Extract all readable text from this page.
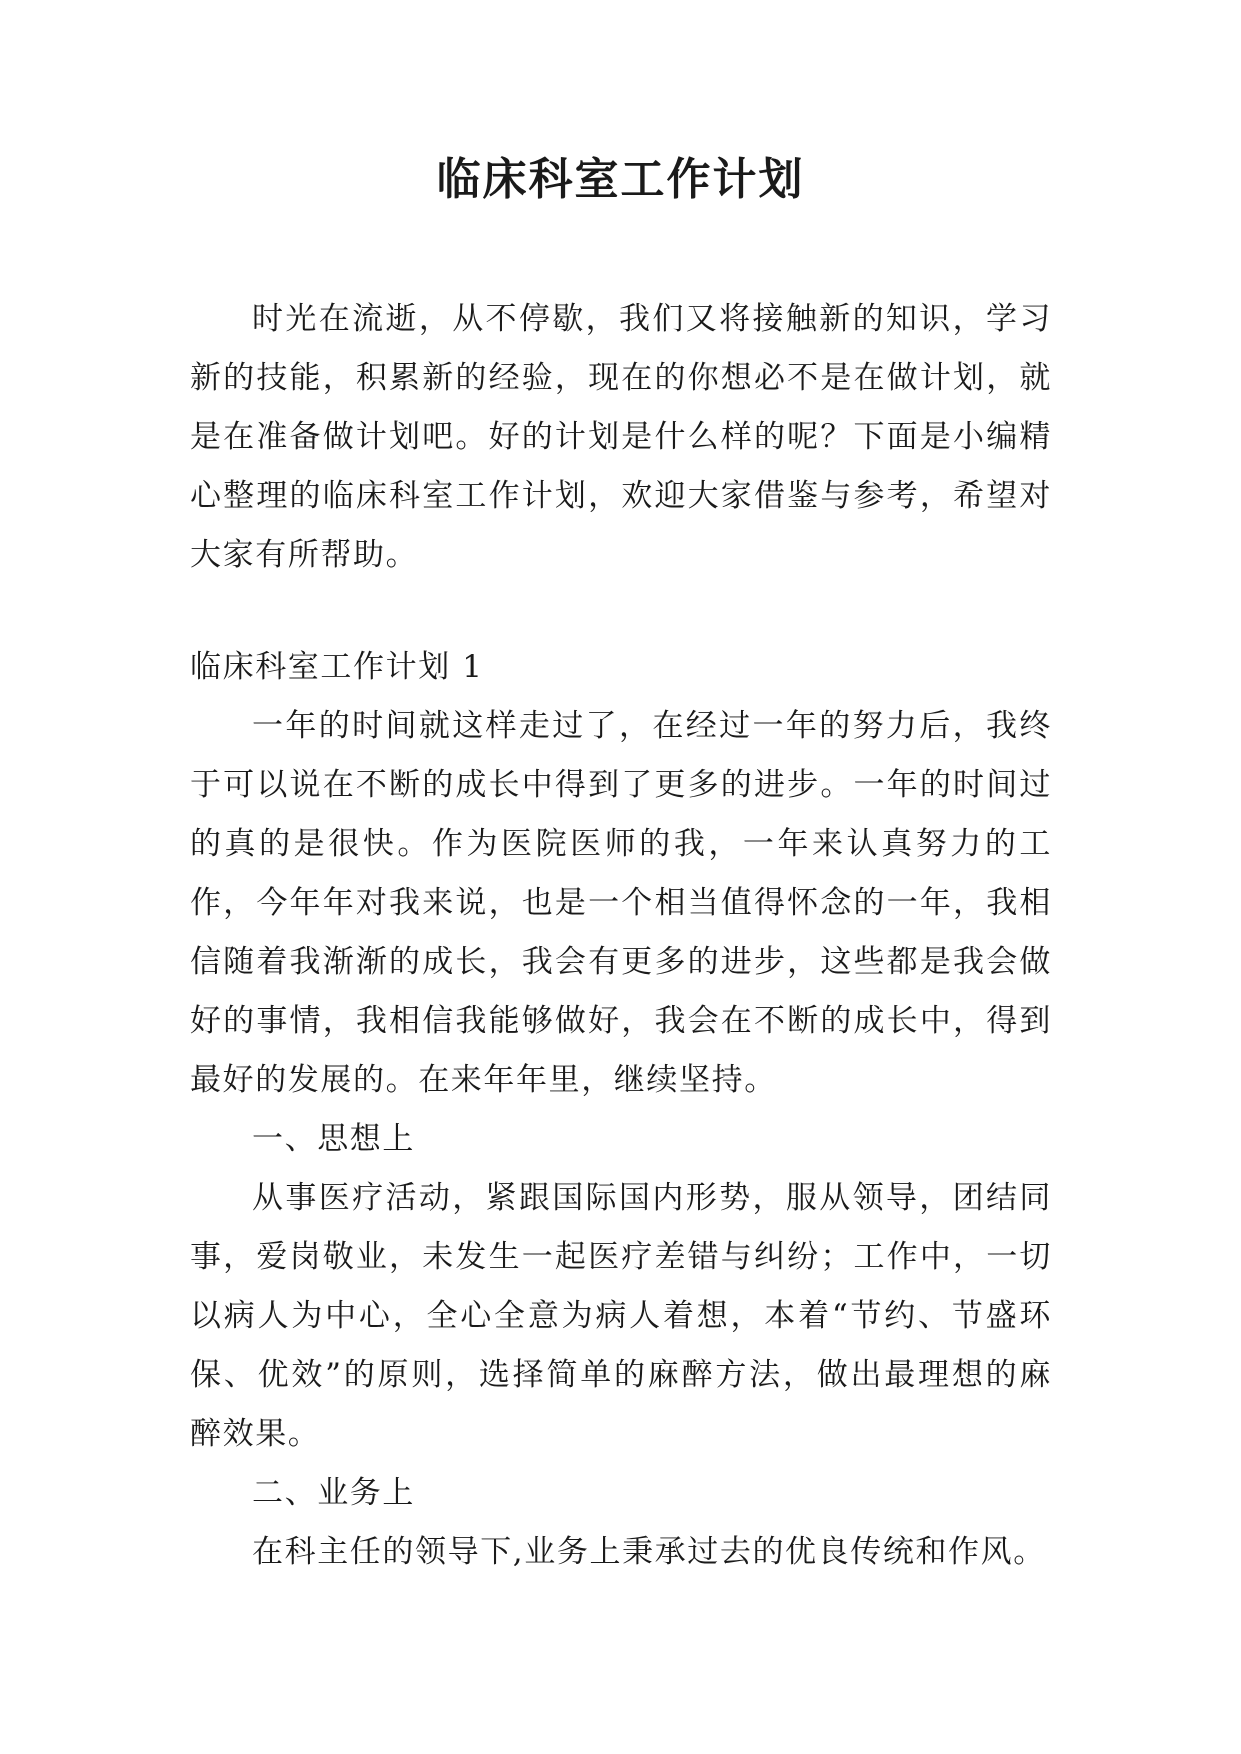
临床科室工作计划

时光在流逝，从不停歇，我们又将接触新的知识，学习新的技能，积累新的经验，现在的你想必不是在做计划，就是在准备做计划吧。好的计划是什么样的呢？下面是小编精心整理的临床科室工作计划，欢迎大家借鉴与参考，希望对大家有所帮助。

临床科室工作计划 1

一年的时间就这样走过了，在经过一年的努力后，我终于可以说在不断的成长中得到了更多的进步。一年的时间过的真的是很快。作为医院医师的我，一年来认真努力的工作，今年年对我来说，也是一个相当值得怀念的一年，我相信随着我渐渐的成长，我会有更多的进步，这些都是我会做好的事情，我相信我能够做好，我会在不断的成长中，得到最好的发展的。在来年年里，继续坚持。

一、思想上

从事医疗活动，紧跟国际国内形势，服从领导，团结同事，爱岗敬业，未发生一起医疗差错与纠纷；工作中，一切以病人为中心，全心全意为病人着想，本着“节约、节盛环保、优效”的原则，选择简单的麻醉方法，做出最理想的麻醉效果。

二、业务上

在科主任的领导下,业务上秉承过去的优良传统和作风。
